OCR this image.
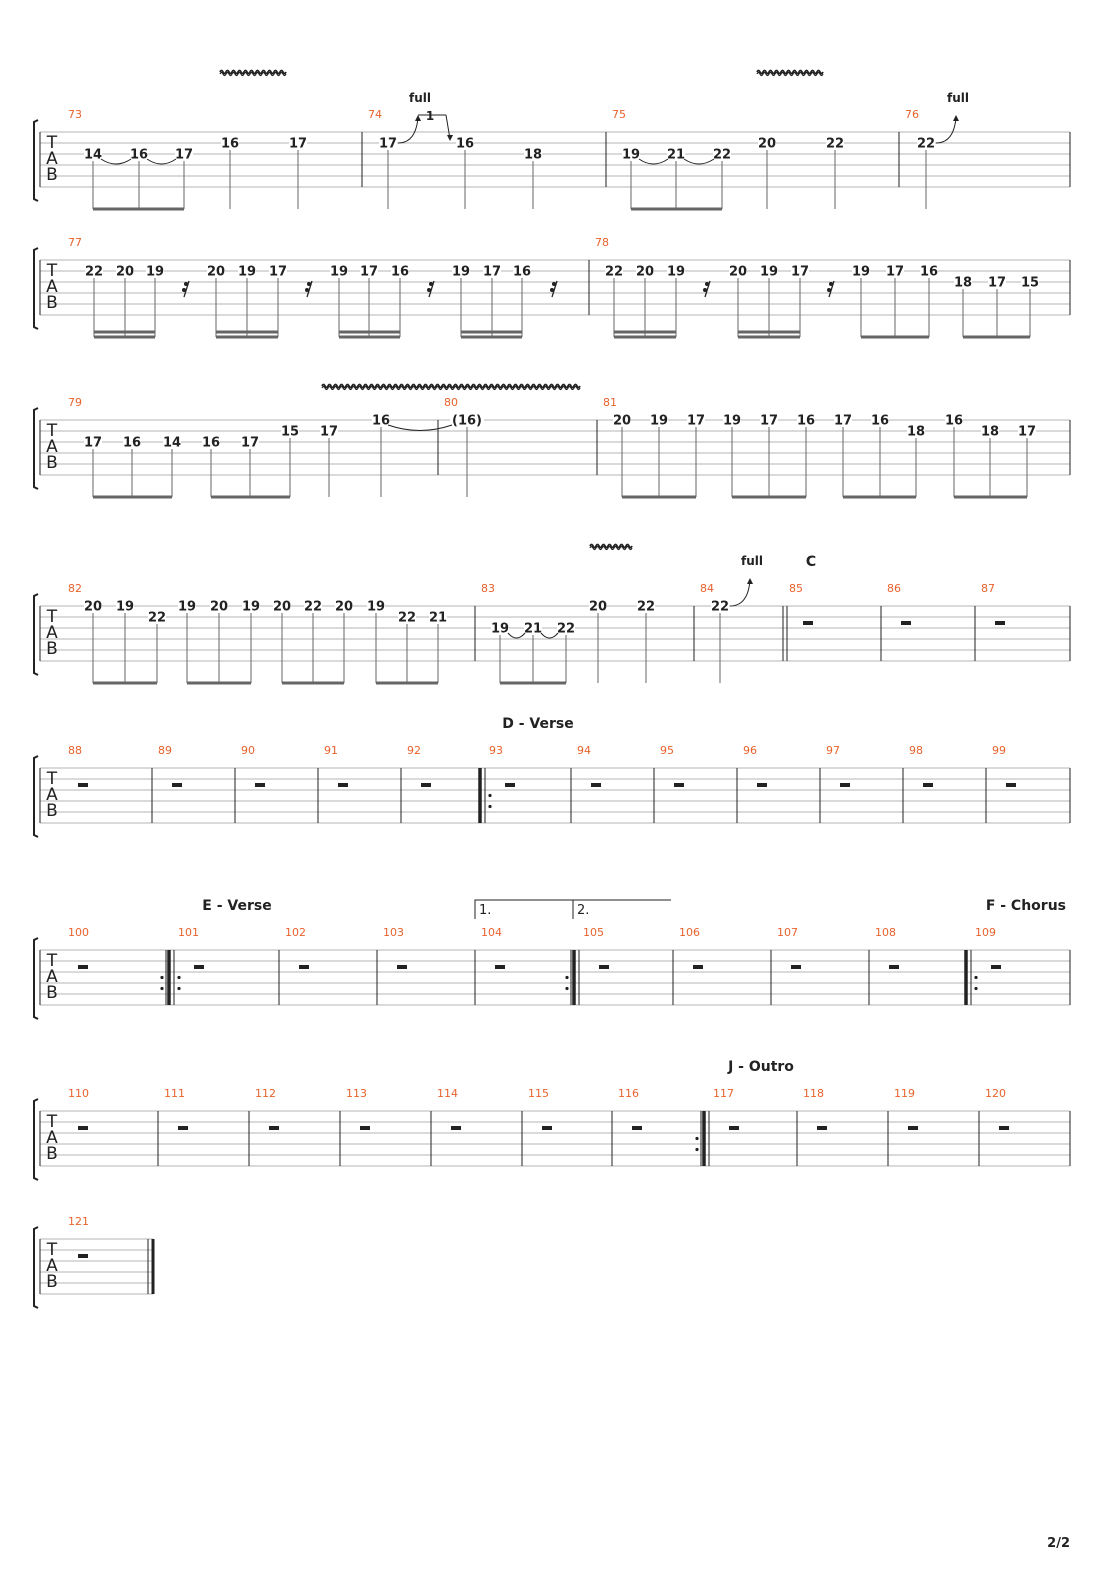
T
A
B
73
14 16 17
16	17
74
17
full
1
16
18
75
19 21 22
20	22
76
22
full
T
A
B
77
22 20 19	20 19 17	19 17 16	19 17 16
78
22 20 19	20 19 17	19 17 16
18 17 15
T
A
B
79
17 16 14 16 17
15 17
16
80
(16)
81
20 19 17 19 17 16 17 16
18
16
18 17
T
A
B
82
20 19
22
19 20 19 20 22 20 19
22 21
83
19 21 22
20 22
84
22
full
85
C
86	87
T
A
B
88	89	90	91	92	93
D - Verse
94	95	96	97	98	99
T
A
B
100	101
E - Verse
102	103	104
1.
105
2.
106	107	108	109
F - Chorus
T
A
B
110	111	112	113	114	115	116	117
J - Outro
118	119	120
T
A
B
121
2/2
